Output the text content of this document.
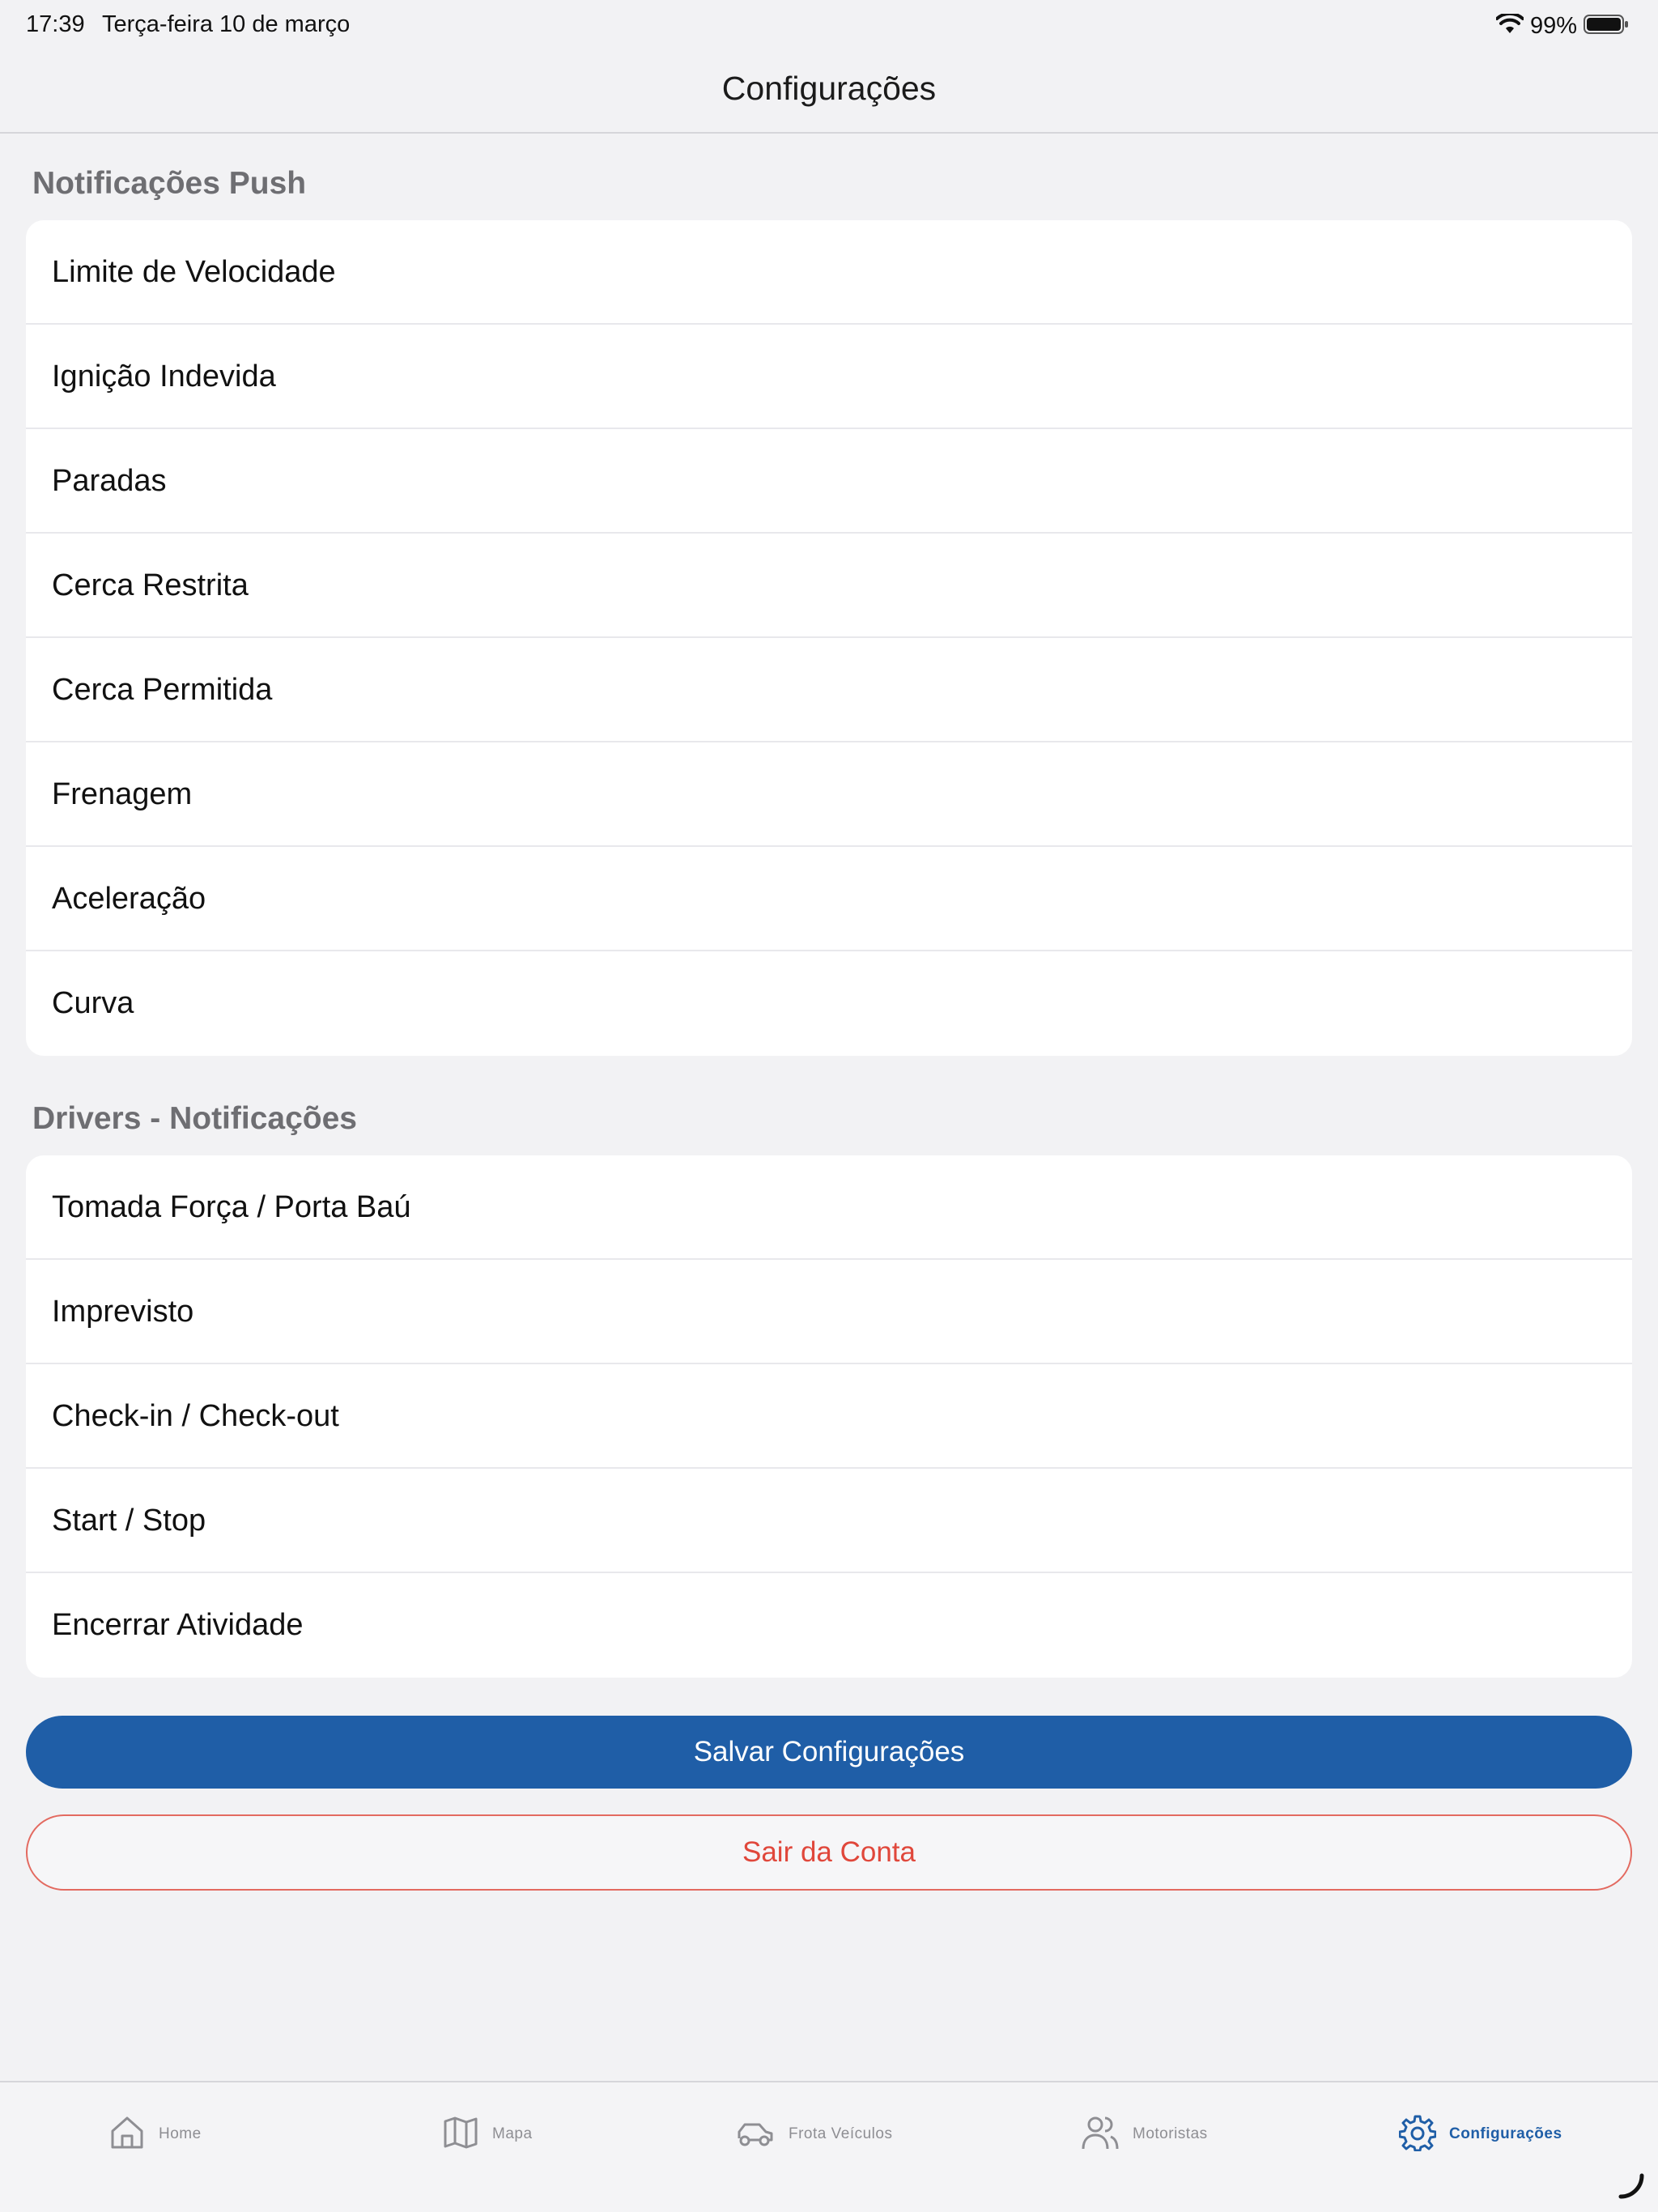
17:39 Terça-feira 10 de março	99%
Configurações
Notificações Push
Limite de Velocidade
Ignição Indevida
Paradas
Cerca Restrita
Cerca Permitida
Frenagem
Aceleração
Curva
Drivers - Notificações
Tomada Força / Porta Baú
Imprevisto
Check-in / Check-out
Start / Stop
Encerrar Atividade
Salvar Configurações
Sair da Conta
Home	Mapa	Frota Veículos	Motoristas	Configurações
